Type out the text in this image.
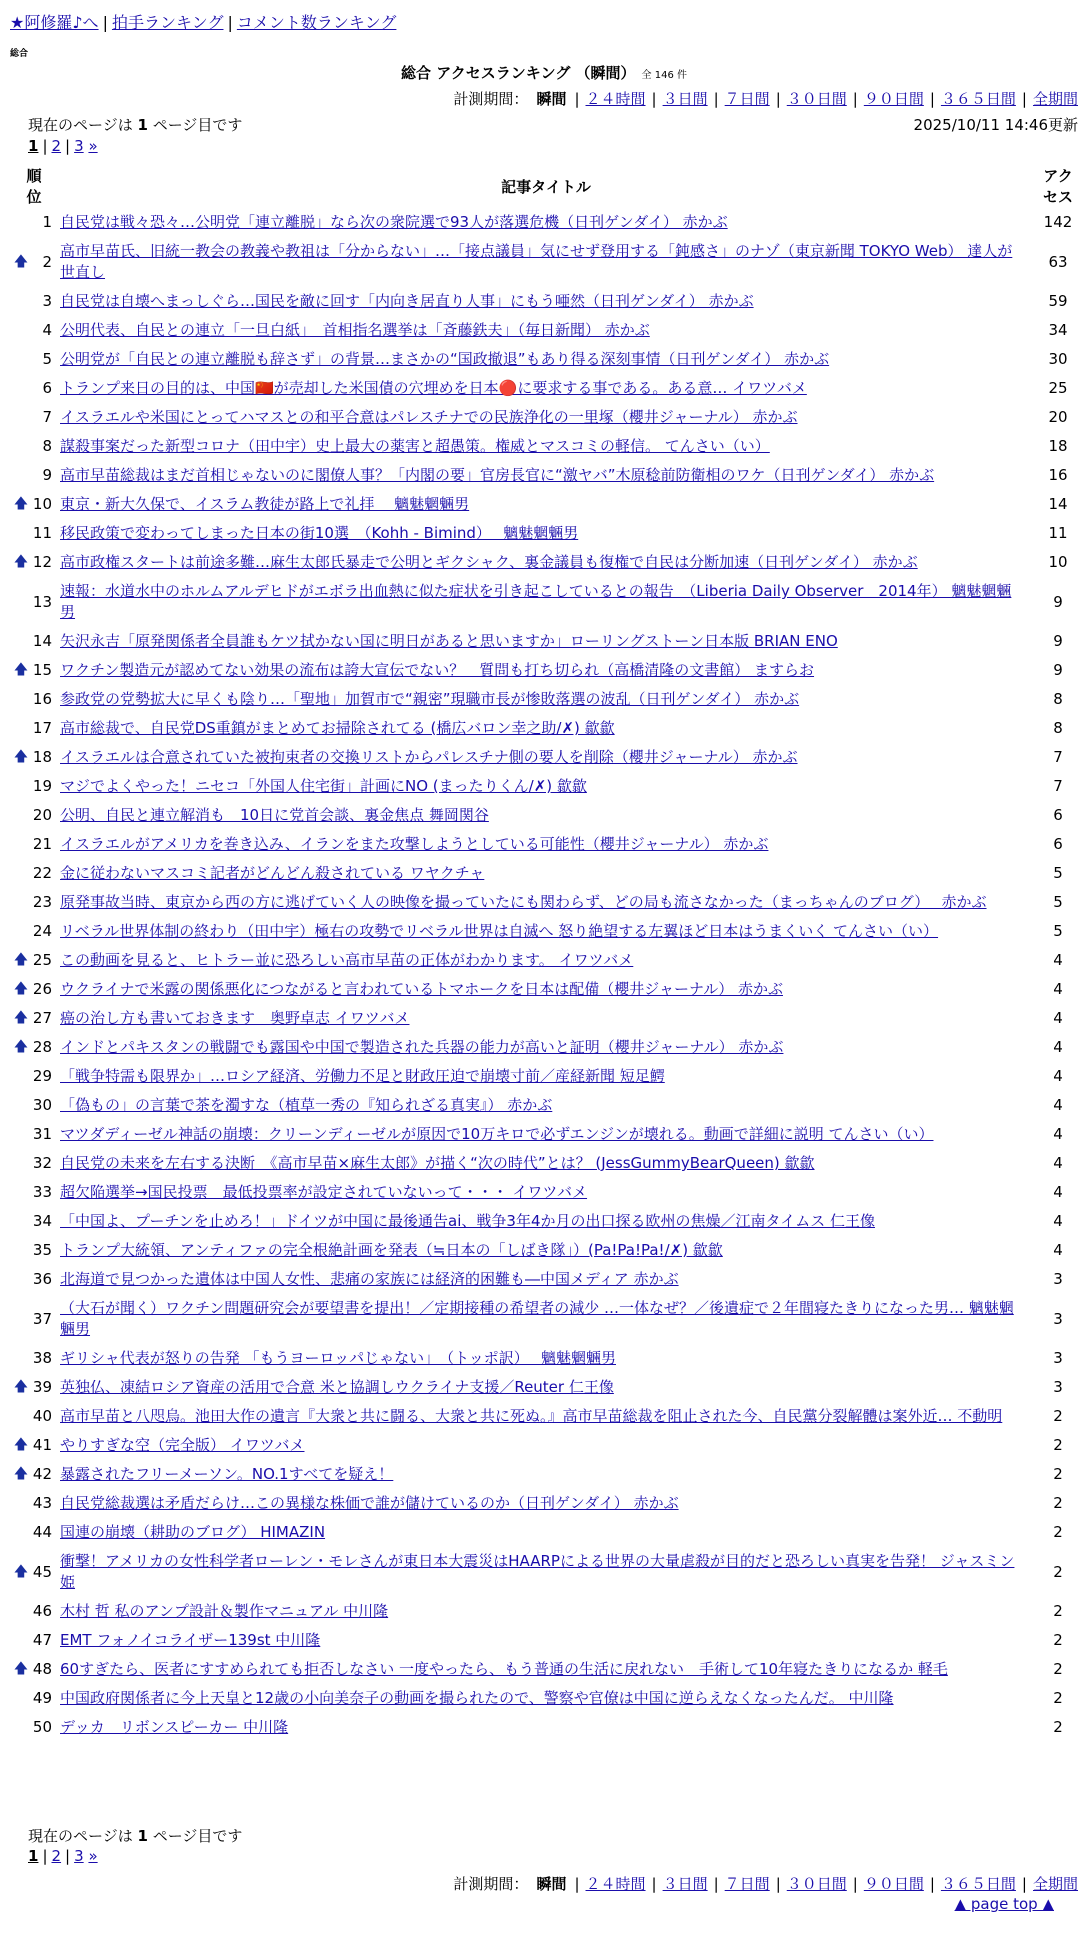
★阿修羅♪へ | 拍手ランキング | コメント数ランキング
総合
総合 アクセスランキング （瞬間） 全 146 件
計測期間： 瞬間 | ２４時間 | ３日間 | ７日間 | ３０日間 | ９０日間 | ３６５日間 | 全期間
現在のページは 1 ページ目です	2025/10/11 14:46更新
1 | 2 | 3 »
順位		記事タイトル	アクセス

	1	自民党は戦々恐々…公明党「連立離脱」なら次の衆院選で93人が落選危機（日刊ゲンダイ） 赤かぶ	142
🡅	2	高市早苗氏、旧統一教会の教義や教祖は「分からない」…「接点議員」気にせず登用する「鈍感さ」のナゾ（東京新聞 TOKYO Web） 達人が世直し	63
	3	自民党は自壊へまっしぐら…国民を敵に回す「内向き居直り人事」にもう唖然（日刊ゲンダイ） 赤かぶ	59
	4	公明代表、自民との連立「一旦白紙」　首相指名選挙は「斉藤鉄夫」（毎日新聞） 赤かぶ	34
	5	公明党が「自民との連立離脱も辞さず」の背景…まさかの“国政撤退”もあり得る深刻事情（日刊ゲンダイ） 赤かぶ	30
	6	トランプ来日の目的は、中国🇨🇳が売却した米国債の穴埋めを日本🔴に要求する事である。ある意… イワツバメ	25
	7	イスラエルや米国にとってハマスとの和平合意はパレスチナでの民族浄化の一里塚（櫻井ジャーナル） 赤かぶ	20
	8	謀殺事案だった新型コロナ（田中宇）史上最大の薬害と超愚策。権威とマスコミの軽信。 てんさい（い）	18
	9	高市早苗総裁はまだ首相じゃないのに閣僚人事？「内閣の要」官房長官に“激ヤバ”木原稔前防衛相のワケ（日刊ゲンダイ） 赤かぶ	16
🡅	10	東京・新大久保で、イスラム教徒が路上で礼拝　 魑魅魍魎男	14
	11	移民政策で変わってしまった日本の街10選　（Kohh - Bimind）　 魑魅魍魎男	11
🡅	12	高市政権スタートは前途多難…麻生太郎氏暴走で公明とギクシャク、裏金議員も復権で自民は分断加速（日刊ゲンダイ） 赤かぶ	10
	13	速報：水道水中のホルムアルデヒドがエボラ出血熱に似た症状を引き起こしているとの報告　（Liberia Daily Observer　2014年） 魑魅魍魎男	9
	14	矢沢永吉「原発関係者全員誰もケツ拭かない国に明日があると思いますか」ローリングストーン日本版 BRIAN ENO	9
🡅	15	ワクチン製造元が認めてない効果の流布は誇大宣伝でない？　質問も打ち切られ（高橋清隆の文書館） ますらお	9
	16	参政党の党勢拡大に早くも陰り…「聖地」加賀市で“親密”現職市長が惨敗落選の波乱（日刊ゲンダイ） 赤かぶ	8
	17	高市総裁で、自民党DS重鎮がまとめてお掃除されてる (橋広バロン幸之助/✗) 歙歙	8
🡅	18	イスラエルは合意されていた被拘束者の交換リストからパレスチナ側の要人を削除（櫻井ジャーナル） 赤かぶ	7
	19	マジでよくやった！ニセコ「外国人住宅街」計画にNO (まったりくん/✗) 歙歙	7
	20	公明、自民と連立解消も　10日に党首会談、裏金焦点 舞岡関谷	6
	21	イスラエルがアメリカを巻き込み、イランをまた攻撃しようとしている可能性（櫻井ジャーナル） 赤かぶ	6
	22	金に従わないマスコミ記者がどんどん殺されている ワヤクチャ	5
	23	原発事故当時、東京から西の方に逃げていく人の映像を撮っていたにも関わらず、どの局も流さなかった（まっちゃんのブログ）　 赤かぶ	5
	24	リベラル世界体制の終わり（田中宇）極右の攻勢でリベラル世界は自滅へ 怒り絶望する左翼ほど日本はうまくいく てんさい（い）	5
🡅	25	この動画を見ると、ヒトラー並に恐ろしい高市早苗の正体がわかります。 イワツバメ	4
🡅	26	ウクライナで米露の関係悪化につながると言われているトマホークを日本は配備（櫻井ジャーナル） 赤かぶ	4
🡅	27	癌の治し方も書いておきます　奥野卓志 イワツバメ	4
🡅	28	インドとパキスタンの戦闘でも露国や中国で製造された兵器の能力が高いと証明（櫻井ジャーナル） 赤かぶ	4
	29	「戦争特需も限界か」…ロシア経済、労働力不足と財政圧迫で崩壊寸前／産経新聞 短足鰐	4
	30	「偽もの」の言葉で茶を濁すな（植草一秀の『知られざる真実』） 赤かぶ	4
	31	マツダディーゼル神話の崩壊：クリーンディーゼルが原因で10万キロで必ずエンジンが壊れる。動画で詳細に説明 てんさい（い）	4
	32	自民党の未来を左右する決断　《高市早苗×麻生太郎》が描く“次の時代”とは？ (JessGummyBearQueen) 歙歙	4
	33	超欠陥選挙→国民投票　最低投票率が設定されていないって・・・ イワツバメ	4
	34	「中国よ、プーチンを止めろ！」ドイツが中国に最後通告ai、戦争3年4か月の出口探る欧州の焦燥／江南タイムス 仁王像	4
	35	トランプ大統領、アンティファの完全根絶計画を発表（≒日本の「しばき隊」）(Pa!Pa!Pa!/✗) 歙歙	4
	36	北海道で見つかった遺体は中国人女性、悲痛の家族には経済的困難も―中国メディア 赤かぶ	3
	37	（大石が聞く）ワクチン問題研究会が要望書を提出！／定期接種の希望者の減少 …一体なぜ？／後遺症で２年間寝たきりになった男… 魑魅魍魎男	3
	38	ギリシャ代表が怒りの告発 「もうヨーロッパじゃない」　（トッポ訳）　 魑魅魍魎男	3
🡅	39	英独仏、凍結ロシア資産の活用で合意 米と協調しウクライナ支援／Reuter 仁王像	3
	40	高市早苗と八咫烏。池田大作の遺言『大衆と共に闘る、大衆と共に死ぬ。』高市早苗総裁を阻止された今、自民黨分裂解體は案外近… 不動明	2
🡅	41	やりすぎな空（完全版） イワツバメ	2
🡅	42	暴露されたフリーメーソン。NO.1すべてを疑え！	2
	43	自民党総裁選は矛盾だらけ…この異様な株価で誰が儲けているのか（日刊ゲンダイ） 赤かぶ	2
	44	国連の崩壊（耕助のブログ） HIMAZIN	2
🡅	45	衝撃！アメリカの女性科学者ローレン・モレさんが東日本大震災はHAARPによる世界の大量虐殺が目的だと恐ろしい真実を告発！ ジャスミン姫	2
	46	木村 哲 私のアンプ設計＆製作マニュアル 中川隆	2
	47	EMT フォノイコライザー139st 中川隆	2
🡅	48	60すぎたら、医者にすすめられても拒否しなさい 一度やったら、もう普通の生活に戻れない　手術して10年寝たきりになるか 軽毛	2
	49	中国政府関係者に今上天皇と12歳の小向美奈子の動画を撮られたので、警察や官僚は中国に逆らえなくなったんだ。 中川隆	2
	50	デッカ　リボンスピーカー 中川隆	2
現在のページは 1 ページ目です
1 | 2 | 3 »
計測期間： 瞬間 | ２４時間 | ３日間 | ７日間 | ３０日間 | ９０日間 | ３６５日間 | 全期間
▲ page top ▲
